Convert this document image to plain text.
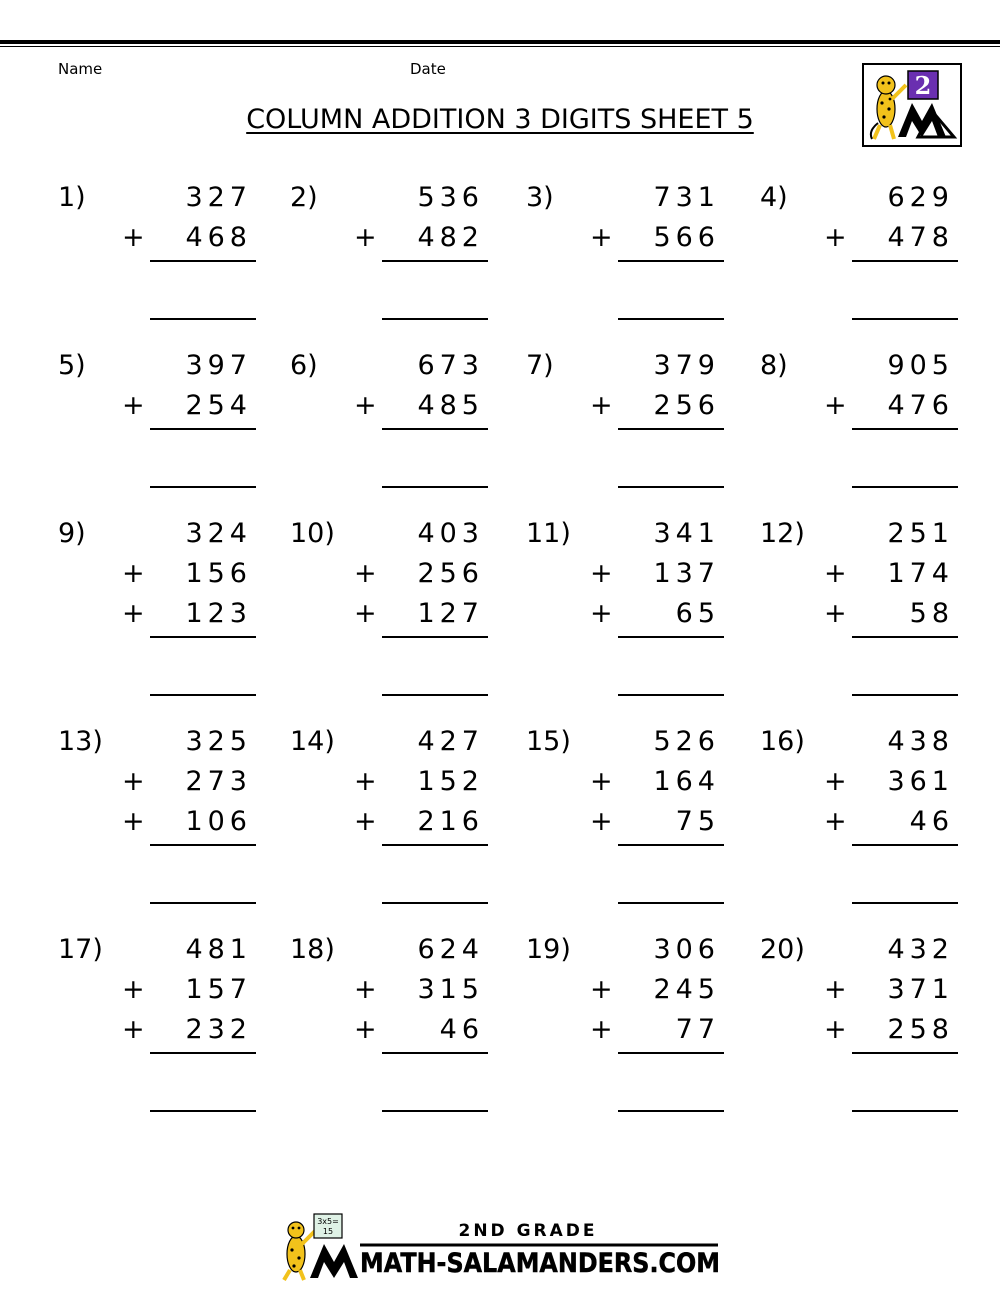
Name	Date
COLUMN ADDITION 3 DIGITS SHEET 5
2
1)	327
+	468
2)	536
+	482
3)	731
+	566
4)	629
+	478
5)	397
+	254
6)	673
+	485
7)	379
+	256
8)	905
+	476
9)	324
+	156
+	123
10)	403
+	256
+	127
11)	341
+	137
+	65
12)	251
+	174
+	58
13)	325
+	273
+	106
14)	427
+	152
+	216
15)	526
+	164
+	75
16)	438
+	361
+	46
17)	481
+	157
+	232
18)	624
+	315
+	46
19)	306
+	245
+	77
20)	432
+	371
+	258
3x5=
15	2ND GRADE
MATH-SALAMANDERS.COM
